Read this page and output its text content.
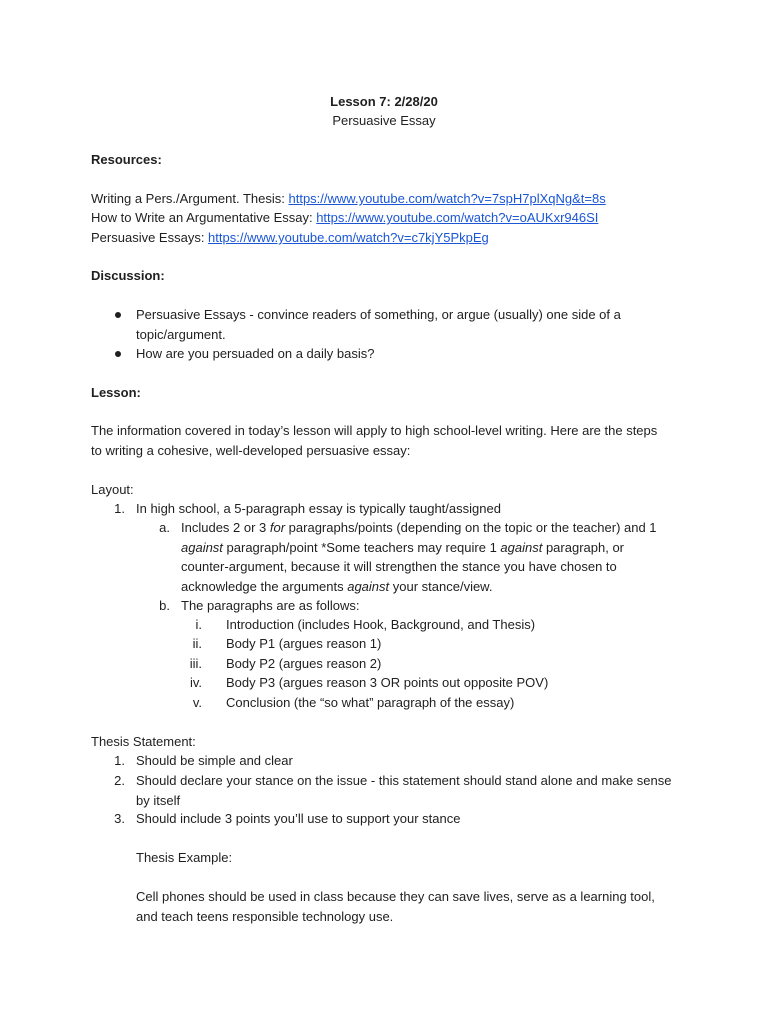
Lesson 7: 2/28/20
Persuasive Essay
Resources:
Writing a Pers./Argument. Thesis: https://www.youtube.com/watch?v=7spH7plXqNg&t=8s
How to Write an Argumentative Essay: https://www.youtube.com/watch?v=oAUKxr946SI
Persuasive Essays: https://www.youtube.com/watch?v=c7kjY5PkpEg
Discussion:
Persuasive Essays - convince readers of something, or argue (usually) one side of a topic/argument.
How are you persuaded on a daily basis?
Lesson:
The information covered in today’s lesson will apply to high school-level writing. Here are the steps to writing a cohesive, well-developed persuasive essay:
Layout:
1. In high school, a 5-paragraph essay is typically taught/assigned
a. Includes 2 or 3 for paragraphs/points (depending on the topic or the teacher) and 1 against paragraph/point *Some teachers may require 1 against paragraph, or counter-argument, because it will strengthen the stance you have chosen to acknowledge the arguments against your stance/view.
b. The paragraphs are as follows:
i. Introduction (includes Hook, Background, and Thesis)
ii. Body P1 (argues reason 1)
iii. Body P2 (argues reason 2)
iv. Body P3 (argues reason 3 OR points out opposite POV)
v. Conclusion (the “so what” paragraph of the essay)
Thesis Statement:
1. Should be simple and clear
2. Should declare your stance on the issue - this statement should stand alone and make sense by itself
3. Should include 3 points you’ll use to support your stance
Thesis Example:
Cell phones should be used in class because they can save lives, serve as a learning tool, and teach teens responsible technology use.
